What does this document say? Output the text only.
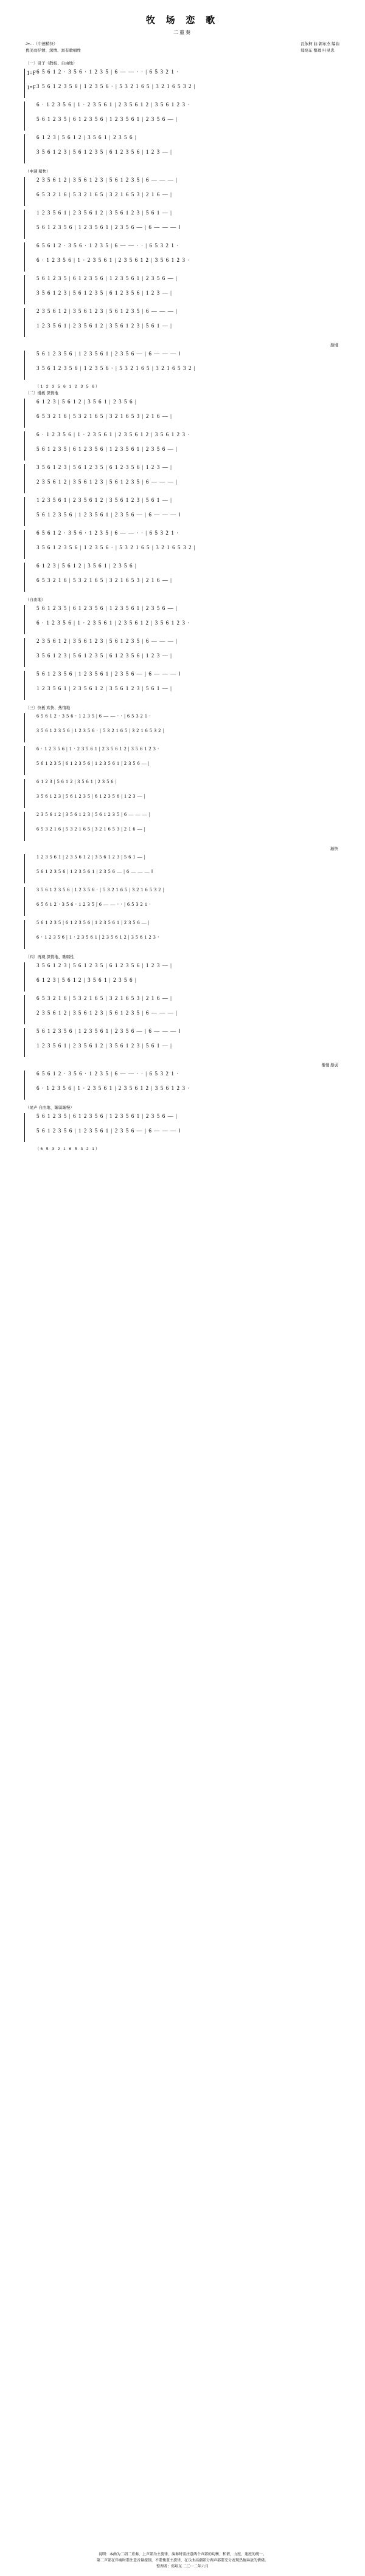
牧 场 恋 歌
二重奏
J=…（中速稍快）
优美而抒情、深情、富有歌唱性
瓦依柯 曲 郭东杰 编曲
郑培东 整理 叶灵忠
〔一〕引子（散板、自由地）
1=F 6 5 6 1 2 · 3 5 6 · 1 2 3 5 | 6 — — · · | 6 5 3 2 1 ·
1=F 3 5 6 1 2 3 5 6 | 1 2 3 5 6 · | 5 3 2 1 6 5 | 3 2 1 6 5 3 2 |
6 · 1 2 3 5 6 | 1 · 2 3 5 6 1 | 2 3 5 6 1 2 | 3 5 6 1 2 3 ·
5 6 1 2 3 5 | 6 1 2 3 5 6 | 1 2 3 5 6 1 | 2 3 5 6 — |
6 1 2 3 | 5 6 1 2 | 3 5 6 1 | 2 3 5 6 |
3 5 6 1 2 3 | 5 6 1 2 3 5 | 6 1 2 3 5 6 | 1 2 3 — |
（中速 稍快）
2 3 5 6 1 2 | 3 5 6 1 2 3 | 5 6 1 2 3 5 | 6 — — — |
6 5 3 2 1 6 | 5 3 2 1 6 5 | 3 2 1 6 5 3 | 2 1 6 — |
1 2 3 5 6 1 | 2 3 5 6 1 2 | 3 5 6 1 2 3 | 5 6 1 — |
5 6 1 2 3 5 6 | 1 2 3 5 6 1 | 2 3 5 6 — | 6 — — — ‖
6 5 6 1 2 · 3 5 6 · 1 2 3 5 | 6 — — · · | 6 5 3 2 1 ·
6 · 1 2 3 5 6 | 1 · 2 3 5 6 1 | 2 3 5 6 1 2 | 3 5 6 1 2 3 ·
5 6 1 2 3 5 | 6 1 2 3 5 6 | 1 2 3 5 6 1 | 2 3 5 6 — |
3 5 6 1 2 3 | 5 6 1 2 3 5 | 6 1 2 3 5 6 | 1 2 3 — |
2 3 5 6 1 2 | 3 5 6 1 2 3 | 5 6 1 2 3 5 | 6 — — — |
1 2 3 5 6 1 | 2 3 5 6 1 2 | 3 5 6 1 2 3 | 5 6 1 — |
渐慢
5 6 1 2 3 5 6 | 1 2 3 5 6 1 | 2 3 5 6 — | 6 — — — ‖
3 5 6 1 2 3 5 6 | 1 2 3 5 6 · | 5 3 2 1 6 5 | 3 2 1 6 5 3 2 |
（1 2 3 5 6 1 2 3 5 6）
〔二〕慢板 深情地
6 1 2 3 | 5 6 1 2 | 3 5 6 1 | 2 3 5 6 |
6 5 3 2 1 6 | 5 3 2 1 6 5 | 3 2 1 6 5 3 | 2 1 6 — |
6 · 1 2 3 5 6 | 1 · 2 3 5 6 1 | 2 3 5 6 1 2 | 3 5 6 1 2 3 ·
5 6 1 2 3 5 | 6 1 2 3 5 6 | 1 2 3 5 6 1 | 2 3 5 6 — |
3 5 6 1 2 3 | 5 6 1 2 3 5 | 6 1 2 3 5 6 | 1 2 3 — |
2 3 5 6 1 2 | 3 5 6 1 2 3 | 5 6 1 2 3 5 | 6 — — — |
1 2 3 5 6 1 | 2 3 5 6 1 2 | 3 5 6 1 2 3 | 5 6 1 — |
5 6 1 2 3 5 6 | 1 2 3 5 6 1 | 2 3 5 6 — | 6 — — — ‖
6 5 6 1 2 · 3 5 6 · 1 2 3 5 | 6 — — · · | 6 5 3 2 1 ·
3 5 6 1 2 3 5 6 | 1 2 3 5 6 · | 5 3 2 1 6 5 | 3 2 1 6 5 3 2 |
6 1 2 3 | 5 6 1 2 | 3 5 6 1 | 2 3 5 6 |
6 5 3 2 1 6 | 5 3 2 1 6 5 | 3 2 1 6 5 3 | 2 1 6 — |
（自由地）
5 6 1 2 3 5 | 6 1 2 3 5 6 | 1 2 3 5 6 1 | 2 3 5 6 — |
6 · 1 2 3 5 6 | 1 · 2 3 5 6 1 | 2 3 5 6 1 2 | 3 5 6 1 2 3 ·
2 3 5 6 1 2 | 3 5 6 1 2 3 | 5 6 1 2 3 5 | 6 — — — |
3 5 6 1 2 3 | 5 6 1 2 3 5 | 6 1 2 3 5 6 | 1 2 3 — |
5 6 1 2 3 5 6 | 1 2 3 5 6 1 | 2 3 5 6 — | 6 — — — ‖
1 2 3 5 6 1 | 2 3 5 6 1 2 | 3 5 6 1 2 3 | 5 6 1 — |
〔三〕快板 欢快、热情地
6 5 6 1 2 · 3 5 6 · 1 2 3 5 | 6 — — · · | 6 5 3 2 1 ·
3 5 6 1 2 3 5 6 | 1 2 3 5 6 · | 5 3 2 1 6 5 | 3 2 1 6 5 3 2 |
6 · 1 2 3 5 6 | 1 · 2 3 5 6 1 | 2 3 5 6 1 2 | 3 5 6 1 2 3 ·
5 6 1 2 3 5 | 6 1 2 3 5 6 | 1 2 3 5 6 1 | 2 3 5 6 — |
6 1 2 3 | 5 6 1 2 | 3 5 6 1 | 2 3 5 6 |
3 5 6 1 2 3 | 5 6 1 2 3 5 | 6 1 2 3 5 6 | 1 2 3 — |
2 3 5 6 1 2 | 3 5 6 1 2 3 | 5 6 1 2 3 5 | 6 — — — |
6 5 3 2 1 6 | 5 3 2 1 6 5 | 3 2 1 6 5 3 | 2 1 6 — |
渐快
1 2 3 5 6 1 | 2 3 5 6 1 2 | 3 5 6 1 2 3 | 5 6 1 — |
5 6 1 2 3 5 6 | 1 2 3 5 6 1 | 2 3 5 6 — | 6 — — — ‖
3 5 6 1 2 3 5 6 | 1 2 3 5 6 · | 5 3 2 1 6 5 | 3 2 1 6 5 3 2 |
6 5 6 1 2 · 3 5 6 · 1 2 3 5 | 6 — — · · | 6 5 3 2 1 ·
5 6 1 2 3 5 | 6 1 2 3 5 6 | 1 2 3 5 6 1 | 2 3 5 6 — |
6 · 1 2 3 5 6 | 1 · 2 3 5 6 1 | 2 3 5 6 1 2 | 3 5 6 1 2 3 ·
〔四〕再现 深情地、歌唱性
3 5 6 1 2 3 | 5 6 1 2 3 5 | 6 1 2 3 5 6 | 1 2 3 — |
6 1 2 3 | 5 6 1 2 | 3 5 6 1 | 2 3 5 6 |
6 5 3 2 1 6 | 5 3 2 1 6 5 | 3 2 1 6 5 3 | 2 1 6 — |
2 3 5 6 1 2 | 3 5 6 1 2 3 | 5 6 1 2 3 5 | 6 — — — |
5 6 1 2 3 5 6 | 1 2 3 5 6 1 | 2 3 5 6 — | 6 — — — ‖
1 2 3 5 6 1 | 2 3 5 6 1 2 | 3 5 6 1 2 3 | 5 6 1 — |
渐慢 渐弱
6 5 6 1 2 · 3 5 6 · 1 2 3 5 | 6 — — · · | 6 5 3 2 1 ·
6 · 1 2 3 5 6 | 1 · 2 3 5 6 1 | 2 3 5 6 1 2 | 3 5 6 1 2 3 ·
（尾声 自由地、渐弱渐慢）
5 6 1 2 3 5 | 6 1 2 3 5 6 | 1 2 3 5 6 1 | 2 3 5 6 — |
5 6 1 2 3 5 6 | 1 2 3 5 6 1 | 2 3 5 6 — | 6 — — — ‖
（6 5 3 2 1 6 5 3 2 1）
说明：本曲为二胡二重奏，上声部为主旋律，演奏时需注意两个声部的均衡、和谐，力度、速度的统一。
第二声部在伴奏时要注意音量控制，不要掩盖主旋律，在乐曲高潮部分两声部要充分表现热情奔放的情绪。
整理者：郑培东 二〇一二年六月
